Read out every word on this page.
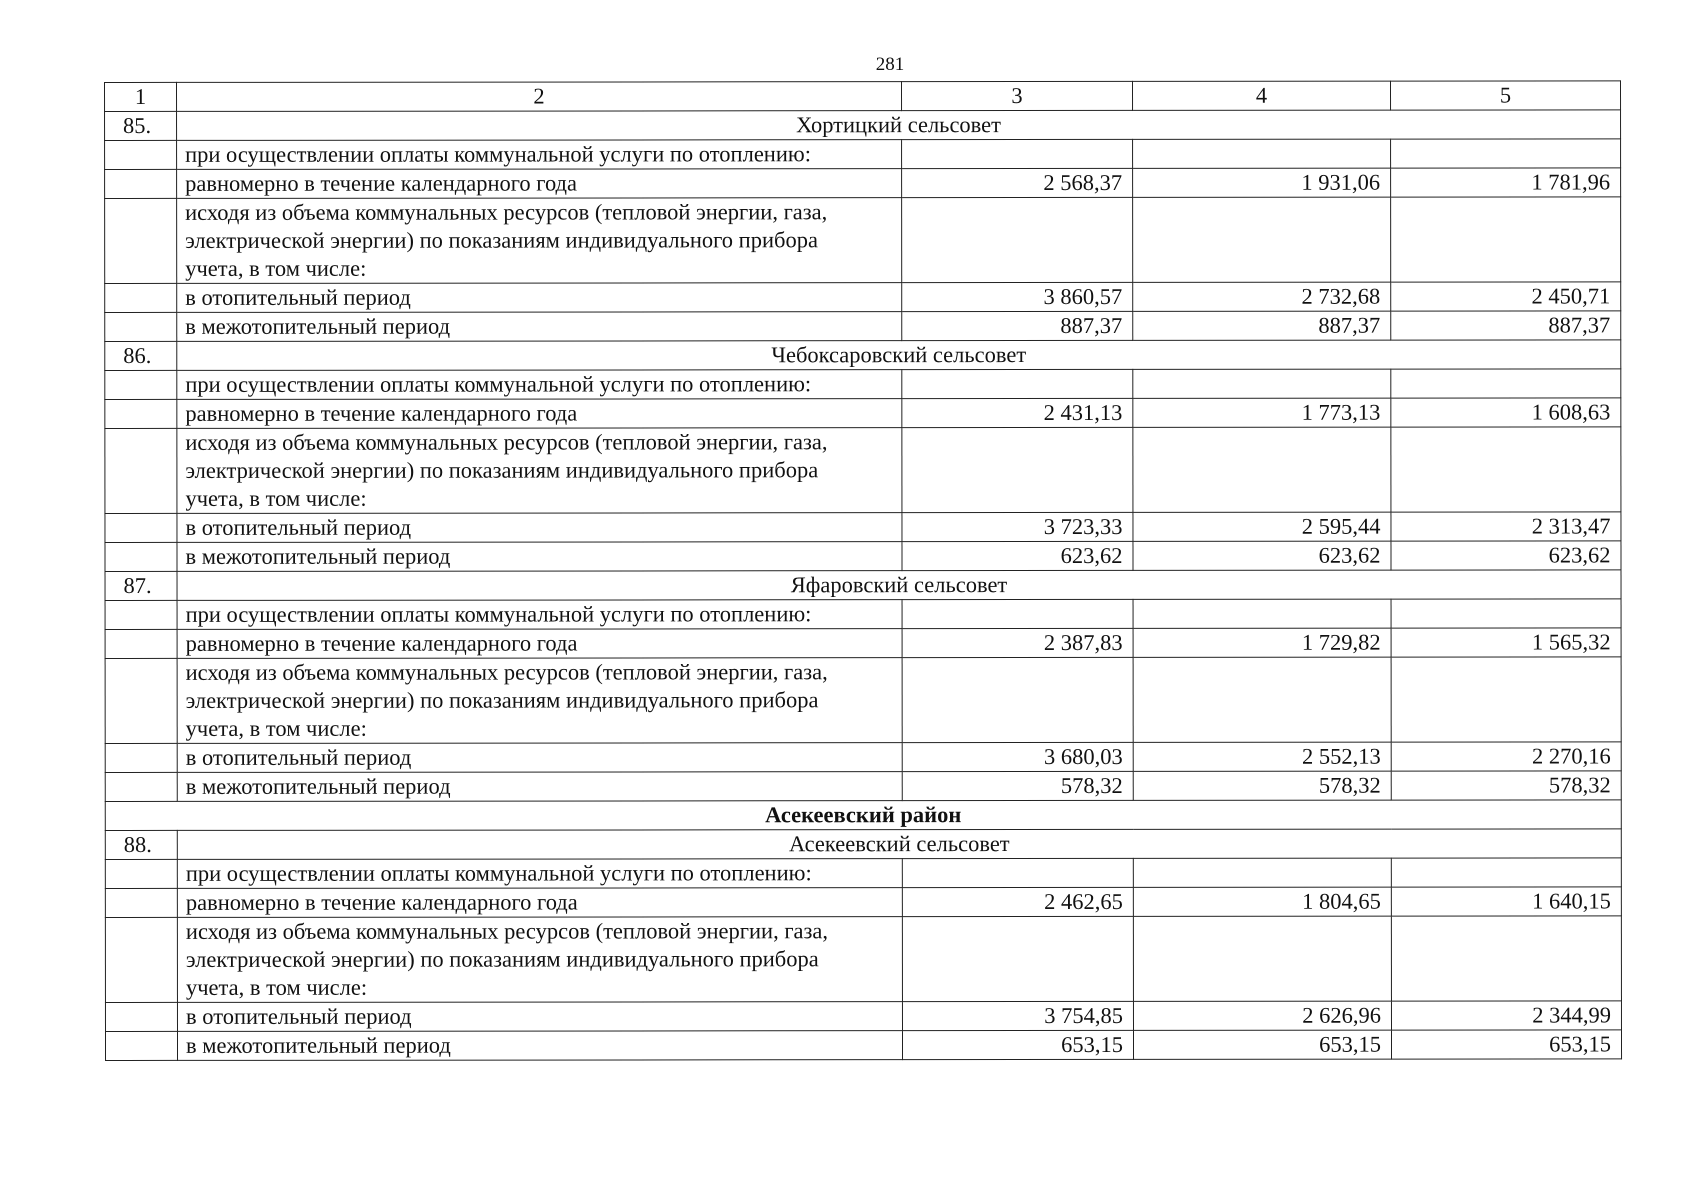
281
1	2	3	4	5
85.	Хортицкий сельсовет			
	при осуществлении оплаты коммунальной услуги по отоплению:			
	равномерно в течение календарного года	2 568,37	1 931,06	1 781,96

	исходя из объема коммунальных ресурсов (тепловой энергии, газа,
электрической энергии) по показаниям индивидуального прибора
учета, в том числе:			

	в отопительный период	3 860,57	2 732,68	2 450,71
	в межотопительный период	887,37	887,37	887,37
86.	Чебоксаровский сельсовет			
	при осуществлении оплаты коммунальной услуги по отоплению:			
	равномерно в течение календарного года	2 431,13	1 773,13	1 608,63

	исходя из объема коммунальных ресурсов (тепловой энергии, газа,
электрической энергии) по показаниям индивидуального прибора
учета, в том числе:			

	в отопительный период	3 723,33	2 595,44	2 313,47
	в межотопительный период	623,62	623,62	623,62
87.	Яфаровский сельсовет			
	при осуществлении оплаты коммунальной услуги по отоплению:			
	равномерно в течение календарного года	2 387,83	1 729,82	1 565,32

	исходя из объема коммунальных ресурсов (тепловой энергии, газа,
электрической энергии) по показаниям индивидуального прибора
учета, в том числе:			

	в отопительный период	3 680,03	2 552,13	2 270,16
	в межотопительный период	578,32	578,32	578,32
Асекеевский район				
88.	Асекеевский сельсовет			
	при осуществлении оплаты коммунальной услуги по отоплению:			
	равномерно в течение календарного года	2 462,65	1 804,65	1 640,15

	исходя из объема коммунальных ресурсов (тепловой энергии, газа,
электрической энергии) по показаниям индивидуального прибора
учета, в том числе:			

	в отопительный период	3 754,85	2 626,96	2 344,99
	в межотопительный период	653,15	653,15	653,15
